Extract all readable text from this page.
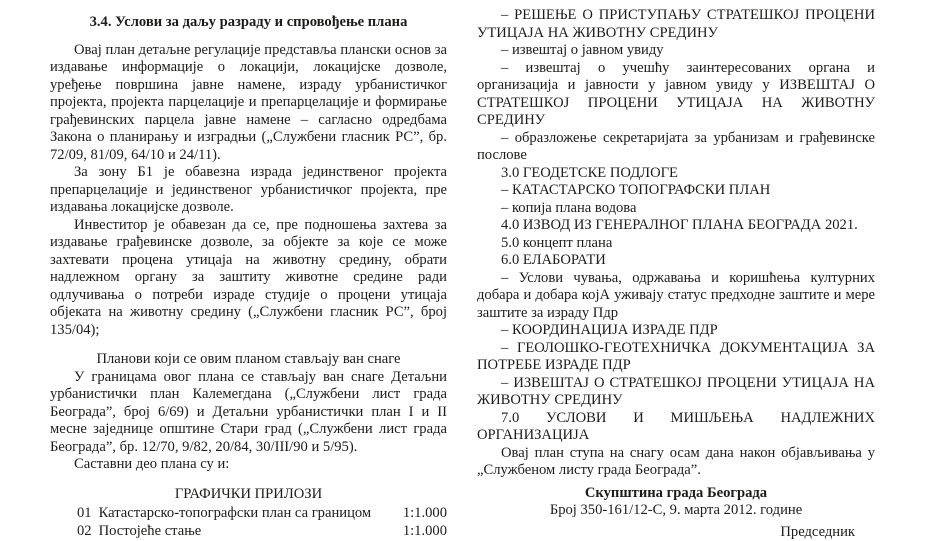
3.4. Услови за даљу разраду и спровођење плана

Овај план детаљне регулације представља плански основ за издавање информације о локацији, локацијске дозволе, уређење површина јавне намене, израду урбанистичког пројекта, пројекта парцелације и препарцелације и формирање грађевинских парцела јавне намене – сагласно одредбама Закона о планирању и изградњи („Службени гласник РС”, бр. 72/09, 81/09, 64/10 и 24/11).

За зону Б1 је обавезна израда јединственог пројекта препарцелације и јединственог урбанистичког пројекта, пре издавања локацијске дозволе.

Инвеститор је обавезан да се, пре подношења захтева за издавање грађевинске дозволе, за објекте за које се може захтевати процена утицаја на животну средину, обрати надлежном органу за заштиту животне средине ради одлучивања о потреби израде студије о процени утицаја објеката на животну средину („Службени гласник РС”, број 135/04);

Планови који се овим планом стављају ван снаге

У границама овог плана се стављају ван снаге Детаљни урбанистички план Калемегдана („Службени лист града Београда”, број 6/69) и Детаљни урбанистички план I и II месне заједнице општине Стари град („Службени лист града Београда”, бр. 12/70, 9/82, 20/84, 30/III/90 и 5/95).

Саставни део плана су и:

ГРАФИЧКИ ПРИЛОЗИ
01 Катастарско-топографски план са границом	1:1.000
02 Постојеће стање	1:1.000

– РЕШЕЊЕ О ПРИСТУПАЊУ СТРАТЕШКОЈ ПРОЦЕНИ УТИЦАЈА НА ЖИВОТНУ СРЕДИНУ

– извештај о јавном увиду

– извештај о учешћу заинтересованих органа и организација и јавности у јавном увиду у ИЗВЕШТАЈ О СТРАТЕШКОЈ ПРОЦЕНИ УТИЦАЈА НА ЖИВОТНУ СРЕДИНУ

– образложење секретаријата за урбанизам и грађевинске послове

3.0 ГЕОДЕТСКЕ ПОДЛОГЕ

– КАТАСТАРСКО ТОПОГРАФСКИ ПЛАН

– копија плана водова

4.0 ИЗВОД ИЗ ГЕНЕРАЛНОГ ПЛАНА БЕОГРАДА 2021.

5.0 концепт плана

6.0 ЕЛАБОРАТИ

– Услови чувања, одржавања и коришћења културних добара и добара којА уживају статус предходне заштите и мере заштите за израду Пдр

– КООРДИНАЦИЈА ИЗРАДЕ ПДР

– ГЕОЛОШКО-ГЕОТЕХНИЧКА ДОКУМЕНТАЦИЈА ЗА ПОТРЕБЕ ИЗРАДЕ ПДР

– ИЗВЕШТАЈ О СТРАТЕШКОЈ ПРОЦЕНИ УТИЦАЈА НА ЖИВОТНУ СРЕДИНУ

7.0 УСЛОВИ И МИШЉЕЊА НАДЛЕЖНИХ ОРГАНИЗАЦИЈА

Овај план ступа на снагу осам дана након објављивања у „Службеном листу града Београда”.

Скупштина града Београда
Број 350-161/12-С, 9. марта 2012. године
Председник
